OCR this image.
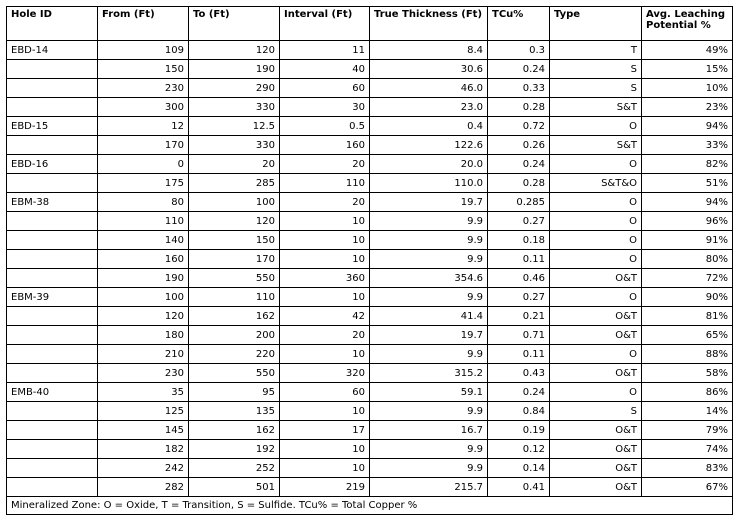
Hole ID	From (Ft)	To (Ft)	Interval (Ft)	True Thickness (Ft)	TCu%	Type	Avg. Leaching Potential %
EBD-14	109	120	11	8.4	0.3	T	49%
	150	190	40	30.6	0.24	S	15%
	230	290	60	46.0	0.33	S	10%
	300	330	30	23.0	0.28	S&T	23%
EBD-15	12	12.5	0.5	0.4	0.72	O	94%
	170	330	160	122.6	0.26	S&T	33%
EBD-16	0	20	20	20.0	0.24	O	82%
	175	285	110	110.0	0.28	S&T&O	51%
EBM-38	80	100	20	19.7	0.285	O	94%
	110	120	10	9.9	0.27	O	96%
	140	150	10	9.9	0.18	O	91%
	160	170	10	9.9	0.11	O	80%
	190	550	360	354.6	0.46	O&T	72%
EBM-39	100	110	10	9.9	0.27	O	90%
	120	162	42	41.4	0.21	O&T	81%
	180	200	20	19.7	0.71	O&T	65%
	210	220	10	9.9	0.11	O	88%
	230	550	320	315.2	0.43	O&T	58%
EMB-40	35	95	60	59.1	0.24	O	86%
	125	135	10	9.9	0.84	S	14%
	145	162	17	16.7	0.19	O&T	79%
	182	192	10	9.9	0.12	O&T	74%
	242	252	10	9.9	0.14	O&T	83%
	282	501	219	215.7	0.41	O&T	67%
Mineralized Zone: O = Oxide, T = Transition, S = Sulfide. TCu% = Total Copper %							
